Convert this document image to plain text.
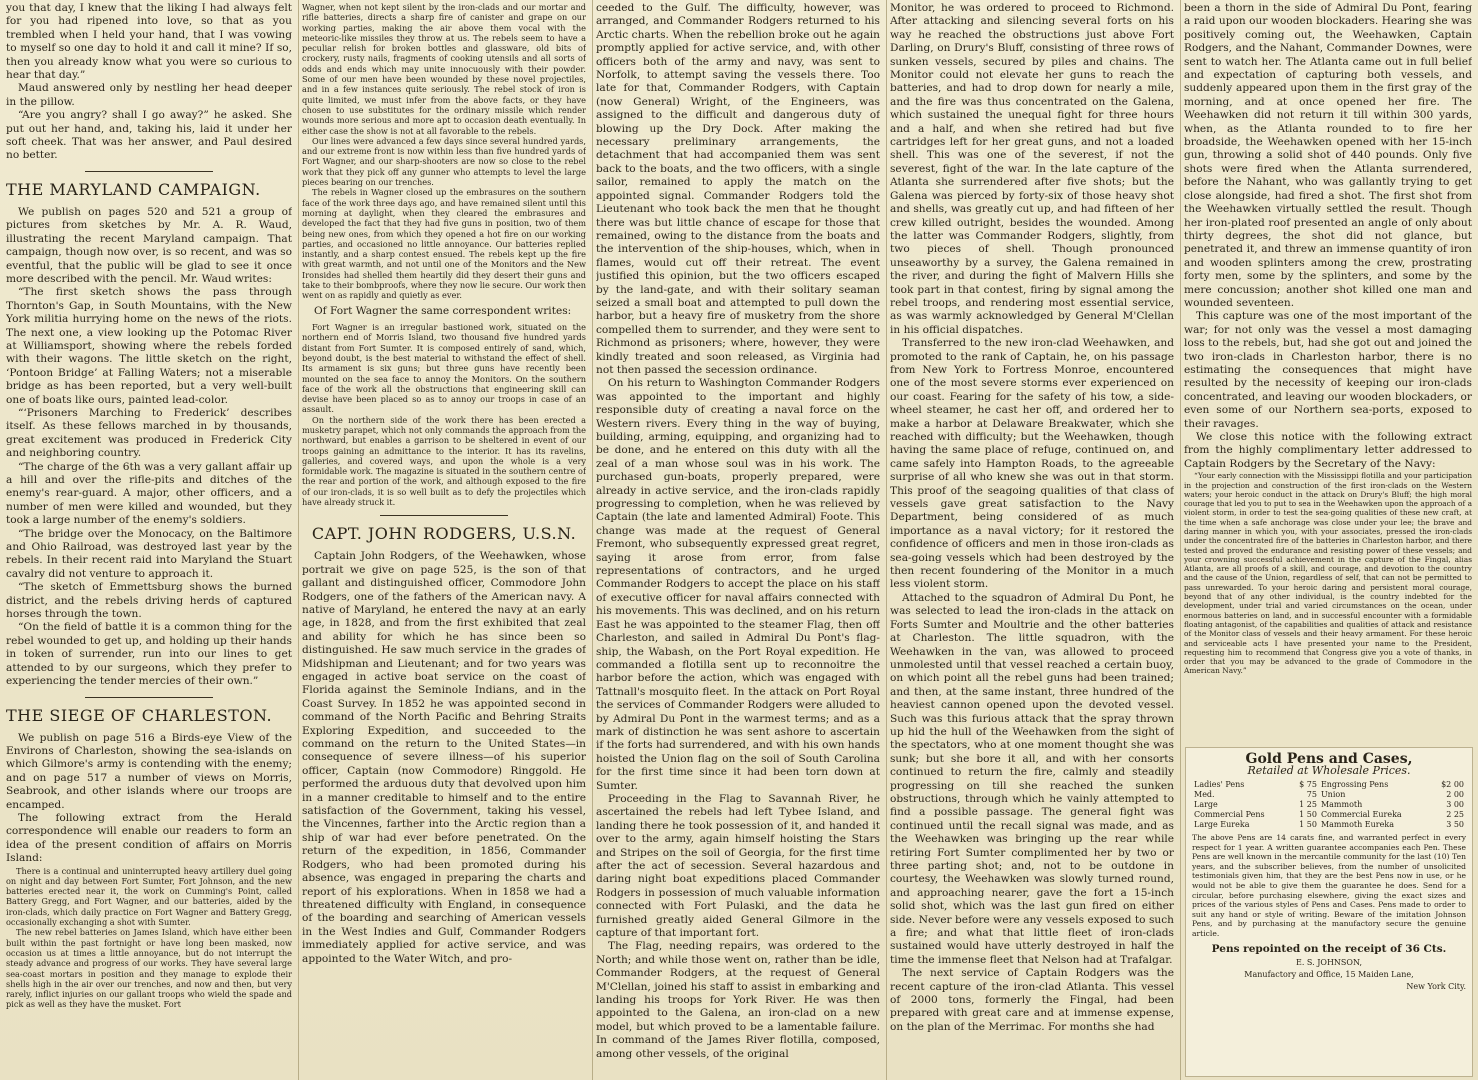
you that day, I knew that the liking I had always felt for you had ripened into love, so that as you trembled when I held your hand, that I was vowing to myself so one day to hold it and call it mine? If so, then you already know what you were so curious to hear that day.”

Maud answered only by nestling her head deeper in the pillow.

“Are you angry? shall I go away?” he asked. She put out her hand, and, taking his, laid it under her soft cheek. That was her answer, and Paul desired no better.

THE MARYLAND CAMPAIGN.

We publish on pages 520 and 521 a group of pictures from sketches by Mr. A. R. Waud, illustrating the recent Maryland campaign. That campaign, though now over, is so recent, and was so eventful, that the public will be glad to see it once more described with the pencil. Mr. Waud writes:

“The first sketch shows the pass through Thornton's Gap, in South Mountains, with the New York militia hurrying home on the news of the riots. The next one, a view looking up the Potomac River at Williamsport, showing where the rebels forded with their wagons. The little sketch on the right, ‘Pontoon Bridge’ at Falling Waters; not a miserable bridge as has been reported, but a very well-built one of boats like ours, painted lead-color.

“‘Prisoners Marching to Frederick’ describes itself. As these fellows marched in by thousands, great excitement was produced in Frederick City and neighboring country.

“The charge of the 6th was a very gallant affair up a hill and over the rifle-pits and ditches of the enemy's rear-guard. A major, other officers, and a number of men were killed and wounded, but they took a large number of the enemy's soldiers.

“The bridge over the Monocacy, on the Baltimore and Ohio Railroad, was destroyed last year by the rebels. In their recent raid into Maryland the Stuart cavalry did not venture to approach it.

“The sketch of Emmettsburg shows the burned district, and the rebels driving herds of captured horses through the town.

“On the field of battle it is a common thing for the rebel wounded to get up, and holding up their hands in token of surrender, run into our lines to get attended to by our surgeons, which they prefer to experiencing the tender mercies of their own.”

THE SIEGE OF CHARLESTON.

We publish on page 516 a Birds-eye View of the Environs of Charleston, showing the sea-islands on which Gilmore's army is contending with the enemy; and on page 517 a number of views on Morris, Seabrook, and other islands where our troops are encamped.

The following extract from the Herald correspondence will enable our readers to form an idea of the present condition of affairs on Morris Island:

There is a continual and uninterrupted heavy artillery duel going on night and day between Fort Sumter, Fort Johnson, and the new batteries erected near it, the work on Cumming's Point, called Battery Gregg, and Fort Wagner, and our batteries, aided by the iron-clads, which daily practice on Fort Wagner and Battery Gregg, occasionally exchanging a shot with Sumter.

The new rebel batteries on James Island, which have either been built within the past fortnight or have long been masked, now occasion us at times a little annoyance, but do not interrupt the steady advance and progress of our works. They have several large sea-coast mortars in position and they manage to explode their shells high in the air over our trenches, and now and then, but very rarely, inflict injuries on our gallant troops who wield the spade and pick as well as they have the musket. Fort

Wagner, when not kept silent by the iron-clads and our mortar and rifle batteries, directs a sharp fire of canister and grape on our working parties, making the air above them vocal with the meteoric-like missiles they throw at us. The rebels seem to have a peculiar relish for broken bottles and glassware, old bits of crockery, rusty nails, fragments of cooking utensils and all sorts of odds and ends which may unite innocuously with their powder. Some of our men have been wounded by these novel projectiles, and in a few instances quite seriously. The rebel stock of iron is quite limited, we must infer from the above facts, or they have chosen to use substitutes for the ordinary missile which render wounds more serious and more apt to occasion death eventually. In either case the show is not at all favorable to the rebels.

Our lines were advanced a few days since several hundred yards, and our extreme front is now within less than five hundred yards of Fort Wagner, and our sharp-shooters are now so close to the rebel work that they pick off any gunner who attempts to level the large pieces bearing on our trenches.

The rebels in Wagner closed up the embrasures on the southern face of the work three days ago, and have remained silent until this morning at daylight, when they cleared the embrasures and developed the fact that they had five guns in position, two of them being new ones, from which they opened a hot fire on our working parties, and occasioned no little annoyance. Our batteries replied instantly, and a sharp contest ensued. The rebels kept up the fire with great warmth, and not until one of the Monitors and the New Ironsides had shelled them heartily did they desert their guns and take to their bombproofs, where they now lie secure. Our work then went on as rapidly and quietly as ever.

Of Fort Wagner the same correspondent writes:

Fort Wagner is an irregular bastioned work, situated on the northern end of Morris Island, two thousand five hundred yards distant from Fort Sumter. It is composed entirely of sand, which, beyond doubt, is the best material to withstand the effect of shell. Its armament is six guns; but three guns have recently been mounted on the sea face to annoy the Monitors. On the southern face of the work all the obstructions that engineering skill can devise have been placed so as to annoy our troops in case of an assault.

On the northern side of the work there has been erected a musketry parapet, which not only commands the approach from the northward, but enables a garrison to be sheltered in event of our troops gaining an admittance to the interior. It has its ravelins, galleries, and covered ways, and upon the whole is a very formidable work. The magazine is situated in the southern centre of the rear and portion of the work, and although exposed to the fire of our iron-clads, it is so well built as to defy the projectiles which have already struck it.

CAPT. JOHN RODGERS, U.S.N.

Captain John Rodgers, of the Weehawken, whose portrait we give on page 525, is the son of that gallant and distinguished officer, Commodore John Rodgers, one of the fathers of the American navy. A native of Maryland, he entered the navy at an early age, in 1828, and from the first exhibited that zeal and ability for which he has since been so distinguished. He saw much service in the grades of Midshipman and Lieutenant; and for two years was engaged in active boat service on the coast of Florida against the Seminole Indians, and in the Coast Survey. In 1852 he was appointed second in command of the North Pacific and Behring Straits Exploring Expedition, and succeeded to the command on the return to the United States—in consequence of severe illness—of his superior officer, Captain (now Commodore) Ringgold. He performed the arduous duty that devolved upon him in a manner creditable to himself and to the entire satisfaction of the Government, taking his vessel, the Vincennes, farther into the Arctic region than a ship of war had ever before penetrated. On the return of the expedition, in 1856, Commander Rodgers, who had been promoted during his absence, was engaged in preparing the charts and report of his explorations. When in 1858 we had a threatened difficulty with England, in consequence of the boarding and searching of American vessels in the West Indies and Gulf, Commander Rodgers immediately applied for active service, and was appointed to the Water Witch, and pro-

ceeded to the Gulf. The difficulty, however, was arranged, and Commander Rodgers returned to his Arctic charts. When the rebellion broke out he again promptly applied for active service, and, with other officers both of the army and navy, was sent to Norfolk, to attempt saving the vessels there. Too late for that, Commander Rodgers, with Captain (now General) Wright, of the Engineers, was assigned to the difficult and dangerous duty of blowing up the Dry Dock. After making the necessary preliminary arrangements, the detachment that had accompanied them was sent back to the boats, and the two officers, with a single sailor, remained to apply the match on the appointed signal. Commander Rodgers told the Lieutenant who took back the men that he thought there was but little chance of escape for those that remained, owing to the distance from the boats and the intervention of the ship-houses, which, when in flames, would cut off their retreat. The event justified this opinion, but the two officers escaped by the land-gate, and with their solitary seaman seized a small boat and attempted to pull down the harbor, but a heavy fire of musketry from the shore compelled them to surrender, and they were sent to Richmond as prisoners; where, however, they were kindly treated and soon released, as Virginia had not then passed the secession ordinance.

On his return to Washington Commander Rodgers was appointed to the important and highly responsible duty of creating a naval force on the Western rivers. Every thing in the way of buying, building, arming, equipping, and organizing had to be done, and he entered on this duty with all the zeal of a man whose soul was in his work. The purchased gun-boats, properly prepared, were already in active service, and the iron-clads rapidly progressing to completion, when he was relieved by Captain (the late and lamented Admiral) Foote. This change was made at the request of General Fremont, who subsequently expressed great regret, saying it arose from error, from false representations of contractors, and he urged Commander Rodgers to accept the place on his staff of executive officer for naval affairs connected with his movements. This was declined, and on his return East he was appointed to the steamer Flag, then off Charleston, and sailed in Admiral Du Pont's flag-ship, the Wabash, on the Port Royal expedition. He commanded a flotilla sent up to reconnoitre the harbor before the action, which was engaged with Tattnall's mosquito fleet. In the attack on Port Royal the services of Commander Rodgers were alluded to by Admiral Du Pont in the warmest terms; and as a mark of distinction he was sent ashore to ascertain if the forts had surrendered, and with his own hands hoisted the Union flag on the soil of South Carolina for the first time since it had been torn down at Sumter.

Proceeding in the Flag to Savannah River, he ascertained the rebels had left Tybee Island, and landing there he took possession of it, and handed it over to the army, again himself hoisting the Stars and Stripes on the soil of Georgia, for the first time after the act of secession. Several hazardous and daring night boat expeditions placed Commander Rodgers in possession of much valuable information connected with Fort Pulaski, and the data he furnished greatly aided General Gilmore in the capture of that important fort.

The Flag, needing repairs, was ordered to the North; and while those went on, rather than be idle, Commander Rodgers, at the request of General M'Clellan, joined his staff to assist in embarking and landing his troops for York River. He was then appointed to the Galena, an iron-clad on a new model, but which proved to be a lamentable failure. In command of the James River flotilla, composed, among other vessels, of the original

Monitor, he was ordered to proceed to Richmond. After attacking and silencing several forts on his way he reached the obstructions just above Fort Darling, on Drury's Bluff, consisting of three rows of sunken vessels, secured by piles and chains. The Monitor could not elevate her guns to reach the batteries, and had to drop down for nearly a mile, and the fire was thus concentrated on the Galena, which sustained the unequal fight for three hours and a half, and when she retired had but five cartridges left for her great guns, and not a loaded shell. This was one of the severest, if not the severest, fight of the war. In the late capture of the Atlanta she surrendered after five shots; but the Galena was pierced by forty-six of those heavy shot and shells, was greatly cut up, and had fifteen of her crew killed outright, besides the wounded. Among the latter was Commander Rodgers, slightly, from two pieces of shell. Though pronounced unseaworthy by a survey, the Galena remained in the river, and during the fight of Malvern Hills she took part in that contest, firing by signal among the rebel troops, and rendering most essential service, as was warmly acknowledged by General M'Clellan in his official dispatches.

Transferred to the new iron-clad Weehawken, and promoted to the rank of Captain, he, on his passage from New York to Fortress Monroe, encountered one of the most severe storms ever experienced on our coast. Fearing for the safety of his tow, a side-wheel steamer, he cast her off, and ordered her to make a harbor at Delaware Breakwater, which she reached with difficulty; but the Weehawken, though having the same place of refuge, continued on, and came safely into Hampton Roads, to the agreeable surprise of all who knew she was out in that storm. This proof of the seagoing qualities of that class of vessels gave great satisfaction to the Navy Department, being considered of as much importance as a naval victory; for it restored the confidence of officers and men in those iron-clads as sea-going vessels which had been destroyed by the then recent foundering of the Monitor in a much less violent storm.

Attached to the squadron of Admiral Du Pont, he was selected to lead the iron-clads in the attack on Forts Sumter and Moultrie and the other batteries at Charleston. The little squadron, with the Weehawken in the van, was allowed to proceed unmolested until that vessel reached a certain buoy, on which point all the rebel guns had been trained; and then, at the same instant, three hundred of the heaviest cannon opened upon the devoted vessel. Such was this furious attack that the spray thrown up hid the hull of the Weehawken from the sight of the spectators, who at one moment thought she was sunk; but she bore it all, and with her consorts continued to return the fire, calmly and steadily progressing on till she reached the sunken obstructions, through which he vainly attempted to find a possible passage. The general fight was continued until the recall signal was made, and as the Weehawken was bringing up the rear while retiring Fort Sumter complimented her by two or three parting shot; and, not to be outdone in courtesy, the Weehawken was slowly turned round, and approaching nearer, gave the fort a 15-inch solid shot, which was the last gun fired on either side. Never before were any vessels exposed to such a fire; and what that little fleet of iron-clads sustained would have utterly destroyed in half the time the immense fleet that Nelson had at Trafalgar.

The next service of Captain Rodgers was the recent capture of the iron-clad Atlanta. This vessel of 2000 tons, formerly the Fingal, had been prepared with great care and at immense expense, on the plan of the Merrimac. For months she had

been a thorn in the side of Admiral Du Pont, fearing a raid upon our wooden blockaders. Hearing she was positively coming out, the Weehawken, Captain Rodgers, and the Nahant, Commander Downes, were sent to watch her. The Atlanta came out in full belief and expectation of capturing both vessels, and suddenly appeared upon them in the first gray of the morning, and at once opened her fire. The Weehawken did not return it till within 300 yards, when, as the Atlanta rounded to to fire her broadside, the Weehawken opened with her 15-inch gun, throwing a solid shot of 440 pounds. Only five shots were fired when the Atlanta surrendered, before the Nahant, who was gallantly trying to get close alongside, had fired a shot. The first shot from the Weehawken virtually settled the result. Though her iron-plated roof presented an angle of only about thirty degrees, the shot did not glance, but penetrated it, and threw an immense quantity of iron and wooden splinters among the crew, prostrating forty men, some by the splinters, and some by the mere concussion; another shot killed one man and wounded seventeen.

This capture was one of the most important of the war; for not only was the vessel a most damaging loss to the rebels, but, had she got out and joined the two iron-clads in Charleston harbor, there is no estimating the consequences that might have resulted by the necessity of keeping our iron-clads concentrated, and leaving our wooden blockaders, or even some of our Northern sea-ports, exposed to their ravages.

We close this notice with the following extract from the highly complimentary letter addressed to Captain Rodgers by the Secretary of the Navy:

“Your early connection with the Mississippi flotilla and your participation in the projection and construction of the first iron-clads on the Western waters; your heroic conduct in the attack on Drury's Bluff; the high moral courage that led you to put to sea in the Weehawken upon the approach of a violent storm, in order to test the sea-going qualities of these new craft, at the time when a safe anchorage was close under your lee; the brave and daring manner in which you, with your associates, pressed the iron-clads under the concentrated fire of the batteries in Charleston harbor, and there tested and proved the endurance and resisting power of these vessels; and your crowning successful achievement in the capture of the Fingal, alias Atlanta, are all proofs of a skill, and courage, and devotion to the country and the cause of the Union, regardless of self, that can not be permitted to pass unrewarded. To your heroic daring and persistent moral courage, beyond that of any other individual, is the country indebted for the development, under trial and varied circumstances on the ocean, under enormous batteries on land, and in successful encounter with a formidable floating antagonist, of the capabilities and qualities of attack and resistance of the Monitor class of vessels and their heavy armament. For these heroic and serviceable acts I have presented your name to the President, requesting him to recommend that Congress give you a vote of thanks, in order that you may be advanced to the grade of Commodore in the American Navy.”

Gold Pens and Cases,
Retailed at Wholesale Prices.
Ladies' Pens	$ 75	Engrossing Pens	$2 00
Med.	75	Union	2 00
Large	1 25	Mammoth	3 00
Commercial Pens	1 50	Commercial Eureka	2 25
Large Eureka	1 50	Mammoth Eureka	3 50

The above Pens are 14 carats fine, and warranted perfect in every respect for 1 year. A written guarantee accompanies each Pen. These Pens are well known in the mercantile community for the last (10) Ten years, and the subscriber believes, from the number of unsolicited testimonials given him, that they are the best Pens now in use, or he would not be able to give them the guarantee he does. Send for a circular, before purchasing elsewhere, giving the exact sizes and prices of the various styles of Pens and Cases. Pens made to order to suit any hand or style of writing. Beware of the imitation Johnson Pens, and by purchasing at the manufactory secure the genuine article.

Pens repointed on the receipt of 36 Cts.
E. S. JOHNSON,
Manufactory and Office, 15 Maiden Lane,
New York City.
